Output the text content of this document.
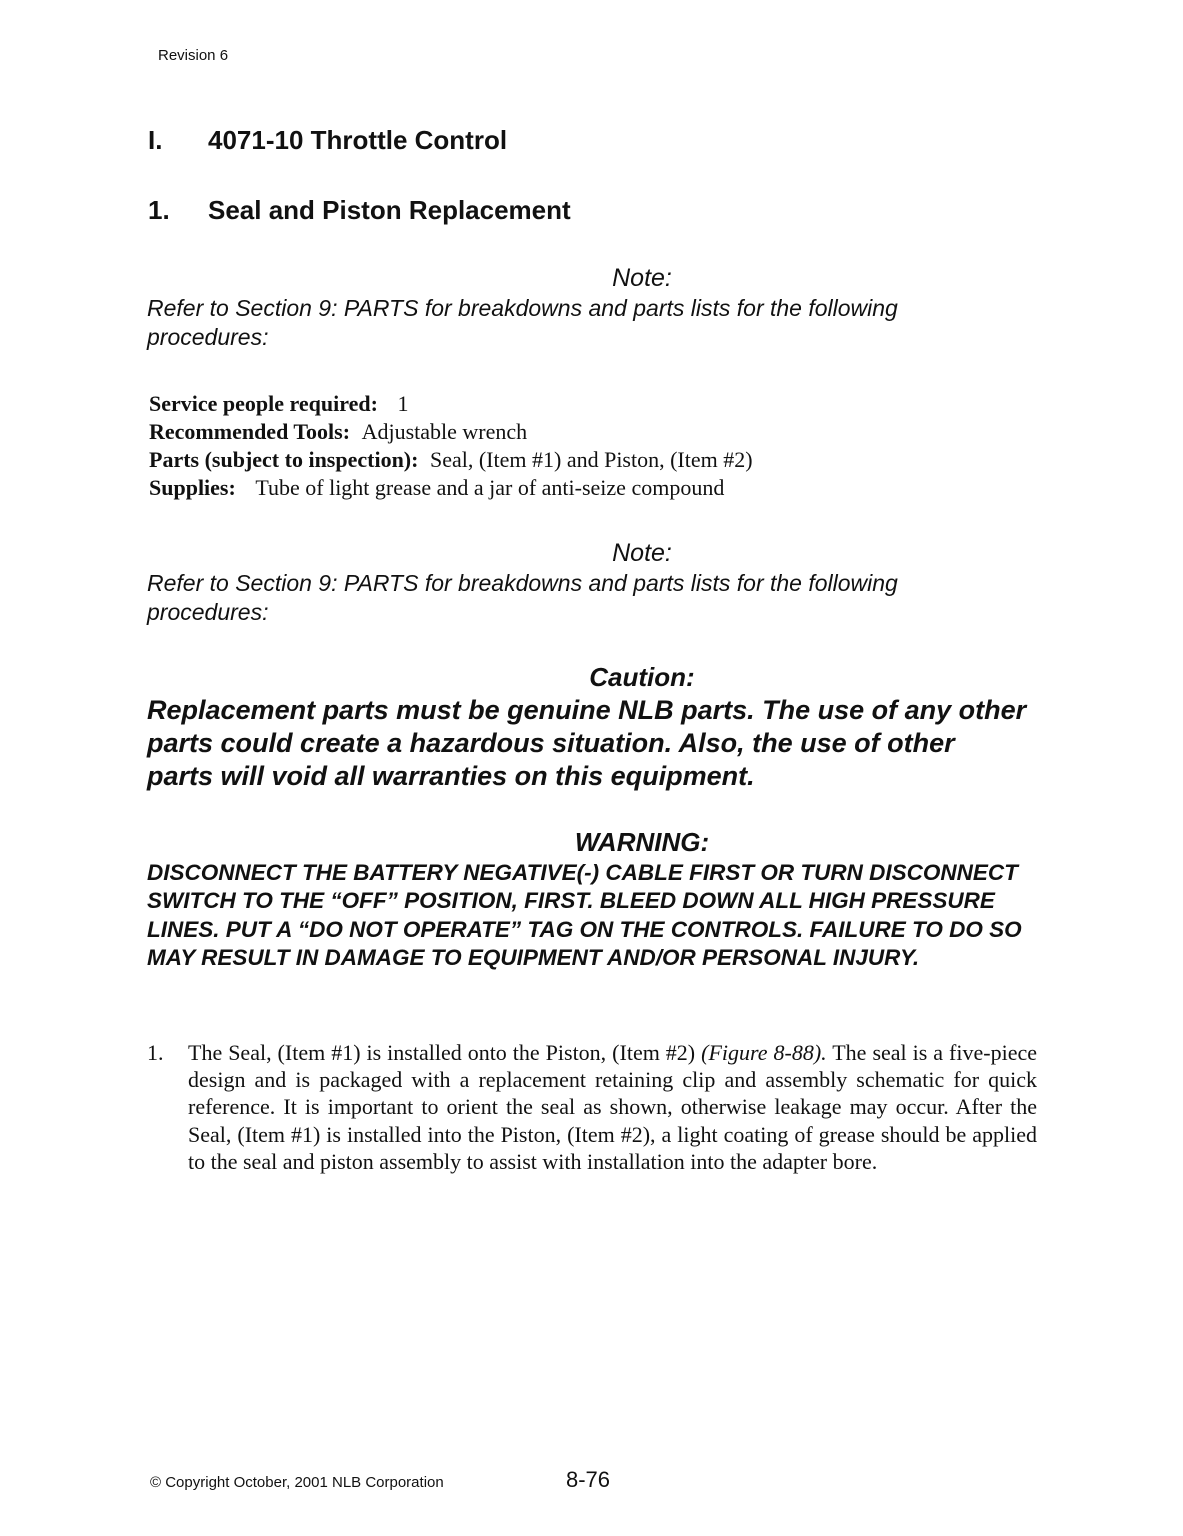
Revision 6
I. 4071-10 Throttle Control
1. Seal and Piston Replacement
Note:
Refer to Section 9: PARTS for breakdowns and parts lists for the following procedures:
Service people required: 1
Recommended Tools: Adjustable wrench
Parts (subject to inspection): Seal, (Item #1) and Piston, (Item #2)
Supplies: Tube of light grease and a jar of anti-seize compound
Note:
Refer to Section 9: PARTS for breakdowns and parts lists for the following procedures:
Caution:
Replacement parts must be genuine NLB parts. The use of any other parts could create a hazardous situation. Also, the use of other parts will void all warranties on this equipment.
WARNING:
DISCONNECT THE BATTERY NEGATIVE(-) CABLE FIRST OR TURN DISCONNECT SWITCH TO THE “OFF” POSITION, FIRST. BLEED DOWN ALL HIGH PRESSURE LINES. PUT A “DO NOT OPERATE” TAG ON THE CONTROLS. FAILURE TO DO SO MAY RESULT IN DAMAGE TO EQUIPMENT AND/OR PERSONAL INJURY.
1. The Seal, (Item #1) is installed onto the Piston, (Item #2) (Figure 8-88). The seal is a five-piece design and is packaged with a replacement retaining clip and assembly schematic for quick reference. It is important to orient the seal as shown, otherwise leakage may occur. After the Seal, (Item #1) is installed into the Piston, (Item #2), a light coating of grease should be applied to the seal and piston assembly to assist with installation into the adapter bore.
© Copyright October, 2001 NLB Corporation	8-76
